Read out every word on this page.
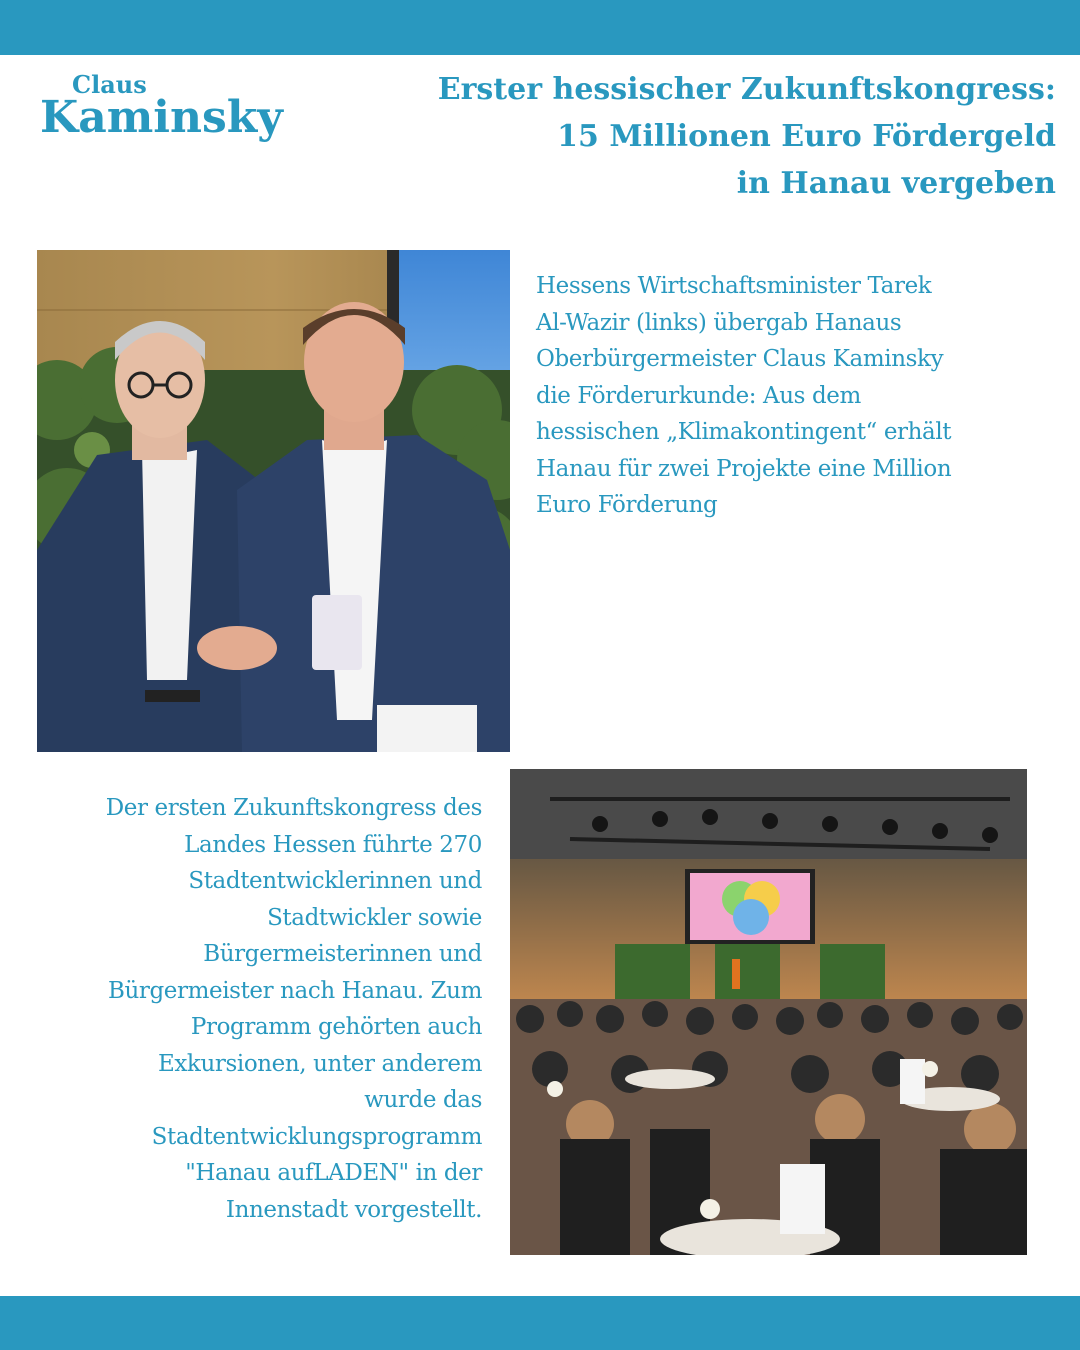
Claus
Kaminsky
Erster hessischer Zukunftskongress:
15 Millionen Euro Fördergeld
in Hanau vergeben
Hessens Wirtschaftsminister Tarek
Al-Wazir (links) übergab Hanaus
Oberbürgermeister Claus Kaminsky
die Förderurkunde: Aus dem
hessischen „Klimakontingent“ erhält
Hanau für zwei Projekte eine Million
Euro Förderung
Der ersten Zukunftskongress des
Landes Hessen führte 270
Stadtentwicklerinnen und
Stadtwickler sowie
Bürgermeisterinnen und
Bürgermeister nach Hanau. Zum
Programm gehörten auch
Exkursionen, unter anderem
wurde das
Stadtentwicklungsprogramm
"Hanau aufLADEN" in der
Innenstadt vorgestellt.
